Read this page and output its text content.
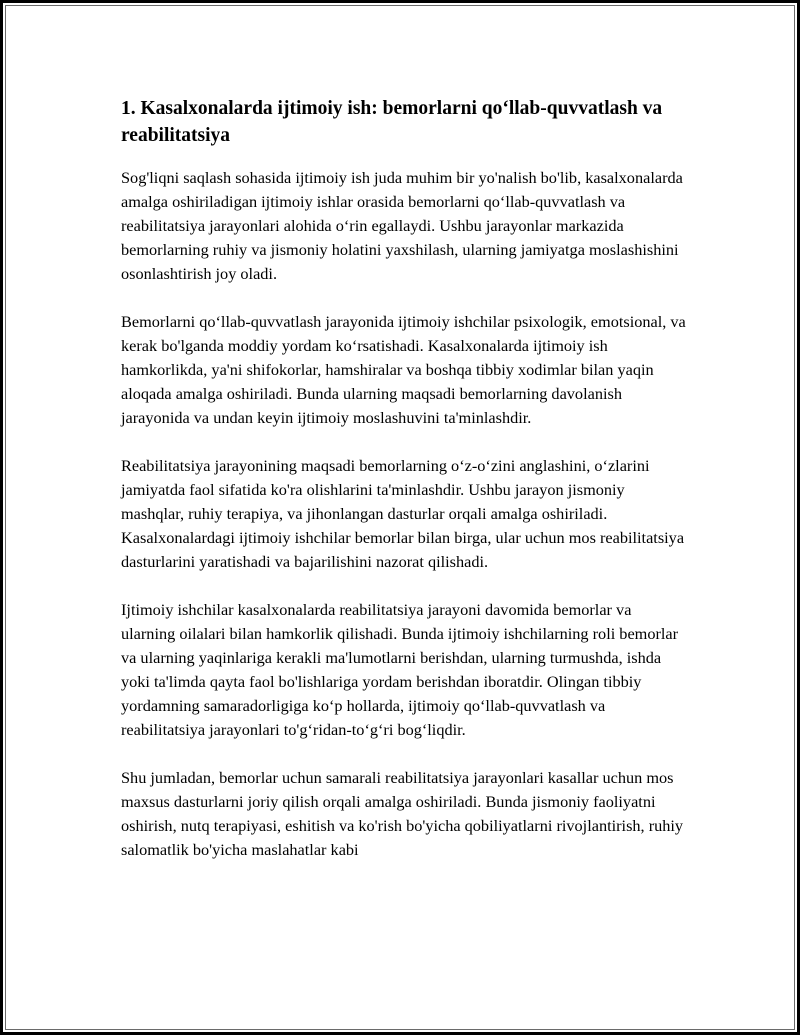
1. Kasalxonalarda ijtimoiy ish: bemorlarni qo‘llab-quvvatlash va reabilitatsiya

Sog'liqni saqlash sohasida ijtimoiy ish juda muhim bir yo'nalish bo'lib, kasalxonalarda amalga oshiriladigan ijtimoiy ishlar orasida bemorlarni qo‘llab-quvvatlash va reabilitatsiya jarayonlari alohida o‘rin egallaydi. Ushbu jarayonlar markazida bemorlarning ruhiy va jismoniy holatini yaxshilash, ularning jamiyatga moslashishini osonlashtirish joy oladi.

Bemorlarni qo‘llab-quvvatlash jarayonida ijtimoiy ishchilar psixologik, emotsional, va kerak bo'lganda moddiy yordam ko‘rsatishadi. Kasalxonalarda ijtimoiy ish hamkorlikda, ya'ni shifokorlar, hamshiralar va boshqa tibbiy xodimlar bilan yaqin aloqada amalga oshiriladi. Bunda ularning maqsadi bemorlarning davolanish jarayonida va undan keyin ijtimoiy moslashuvini ta'minlashdir.

Reabilitatsiya jarayonining maqsadi bemorlarning o‘z-o‘zini anglashini, o‘zlarini jamiyatda faol sifatida ko'ra olishlarini ta'minlashdir. Ushbu jarayon jismoniy mashqlar, ruhiy terapiya, va jihonlangan dasturlar orqali amalga oshiriladi. Kasalxonalardagi ijtimoiy ishchilar bemorlar bilan birga, ular uchun mos reabilitatsiya dasturlarini yaratishadi va bajarilishini nazorat qilishadi.

Ijtimoiy ishchilar kasalxonalarda reabilitatsiya jarayoni davomida bemorlar va ularning oilalari bilan hamkorlik qilishadi. Bunda ijtimoiy ishchilarning roli bemorlar va ularning yaqinlariga kerakli ma'lumotlarni berishdan, ularning turmushda, ishda yoki ta'limda qayta faol bo'lishlariga yordam berishdan iboratdir. Olingan tibbiy yordamning samaradorligiga ko‘p hollarda, ijtimoiy qo‘llab-quvvatlash va reabilitatsiya jarayonlari to'g‘ridan-to‘g‘ri bog‘liqdir.

Shu jumladan, bemorlar uchun samarali reabilitatsiya jarayonlari kasallar uchun mos maxsus dasturlarni joriy qilish orqali amalga oshiriladi. Bunda jismoniy faoliyatni oshirish, nutq terapiyasi, eshitish va ko'rish bo'yicha qobiliyatlarni rivojlantirish, ruhiy salomatlik bo'yicha maslahatlar kabi
